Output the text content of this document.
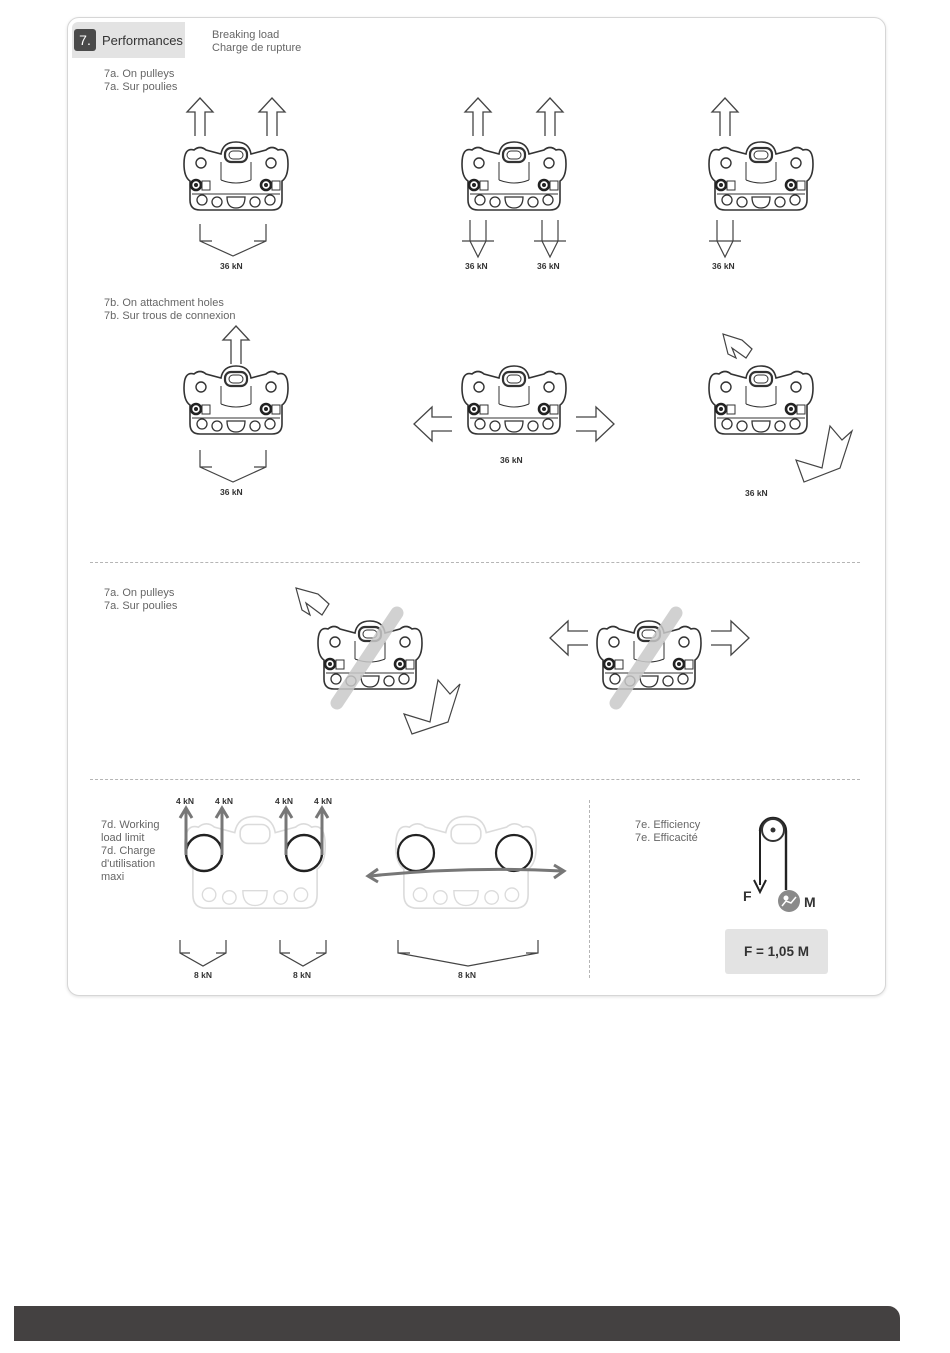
7. Performances	Breaking load
Charge de rupture
7a. On pulleys
7a. Sur poulies
7b. On attachment holes
7b. Sur trous de connexion
7a. On pulleys
7a. Sur poulies
7d. Working
load limit
7d. Charge
d'utilisation
maxi
7e. Efficiency
7e. Efficacité
36 kN	36 kN	36 kN	36 kN
36 kN
36 kN
36 kN
4 kN 4 kN	4 kN 4 kN
8 kN	8 kN	8 kN
F	M
F = 1,05 M
